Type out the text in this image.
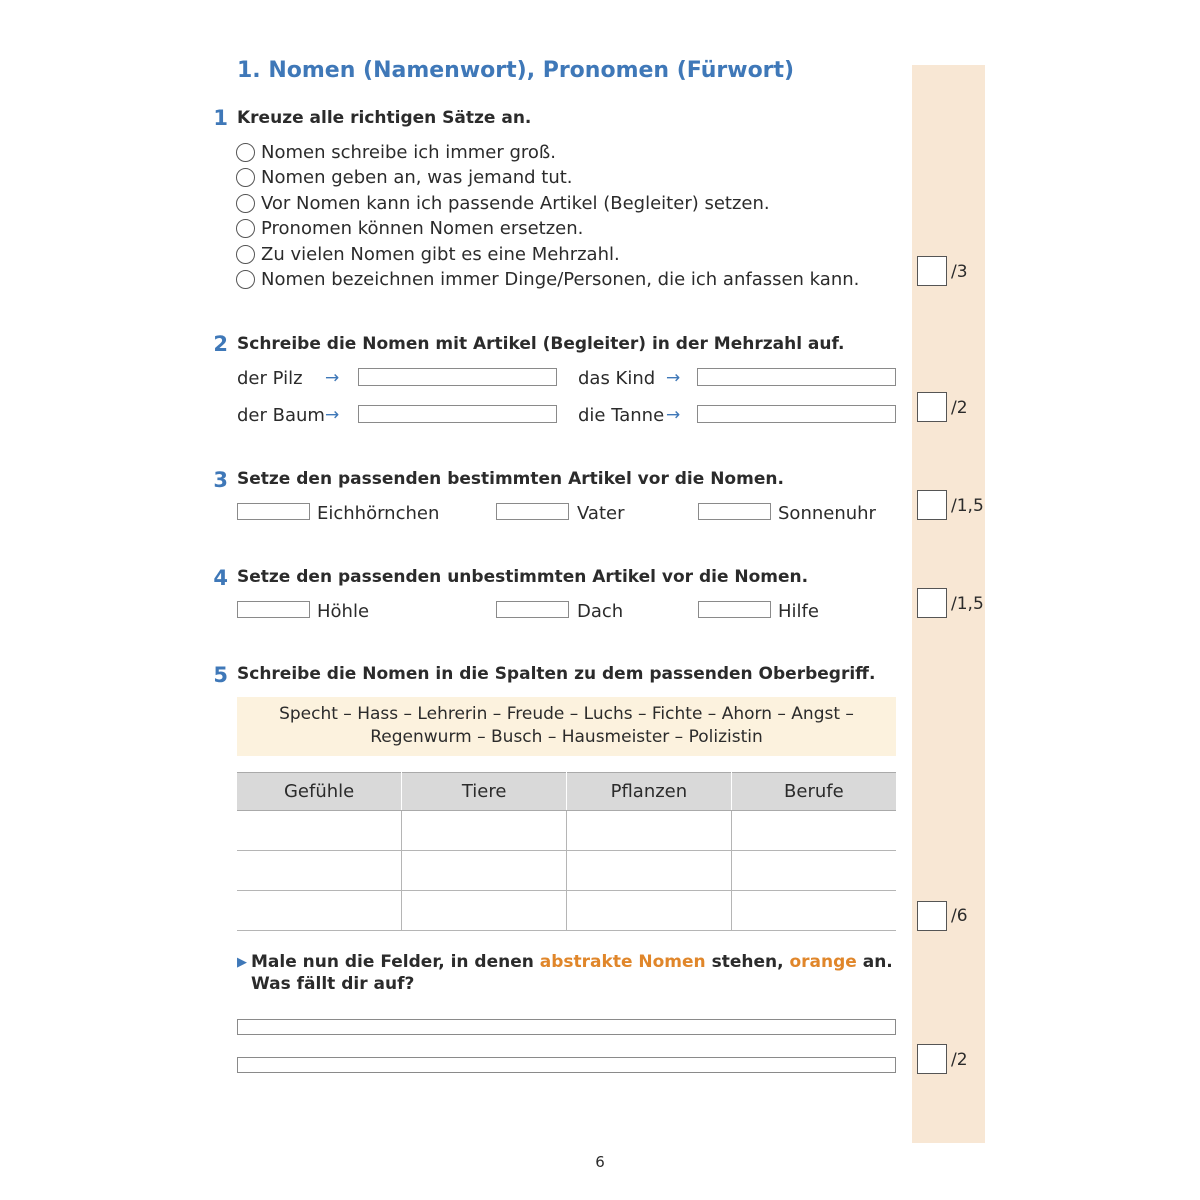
1. Nomen (Namenwort), Pronomen (Fürwort)
1 Kreuze alle richtigen Sätze an.
Nomen schreibe ich immer groß.
Nomen geben an, was jemand tut.
Vor Nomen kann ich passende Artikel (Begleiter) setzen.
Pronomen können Nomen ersetzen.
Zu vielen Nomen gibt es eine Mehrzahl.
Nomen bezeichnen immer Dinge/Personen, die ich anfassen kann.	/3
2 Schreibe die Nomen mit Artikel (Begleiter) in der Mehrzahl auf.
der Pilz →	das Kind →
der Baum →	die Tanne →	/2
3 Setze den passenden bestimmten Artikel vor die Nomen.
Eichhörnchen	Vater	Sonnenuhr	/1,5
4 Setze den passenden unbestimmten Artikel vor die Nomen.
Höhle	Dach	Hilfe	/1,5
5 Schreibe die Nomen in die Spalten zu dem passenden Oberbegriff.
Specht – Hass – Lehrerin – Freude – Luchs – Fichte – Ahorn – Angst –
Regenwurm – Busch – Hausmeister – Polizistin
Gefühle	Tiere	Pflanzen	Berufe

/6
▶ Male nun die Felder, in denen abstrakte Nomen stehen, orange an.
Was fällt dir auf?
/2
6
